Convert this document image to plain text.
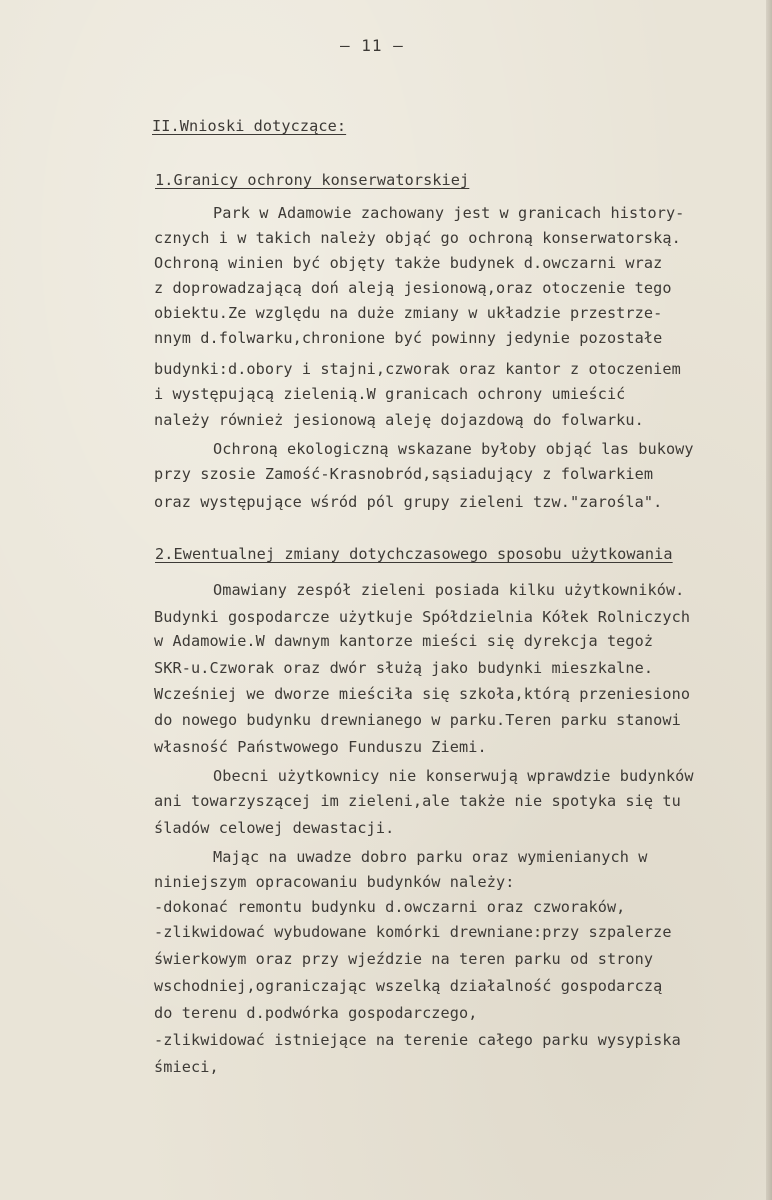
– 11 –
II.Wnioski dotyczące:
1.Granicy ochrony konserwatorskiej
Park w Adamowie zachowany jest w granicach history-
cznych i w takich należy objąć go ochroną konserwatorską.
Ochroną winien być objęty także budynek d.owczarni wraz
z doprowadzającą doń aleją jesionową,oraz otoczenie tego
obiektu.Ze względu na duże zmiany w układzie przestrze-
nnym d.folwarku,chronione być powinny jedynie pozostałe
budynki:d.obory i stajni,czworak oraz kantor z otoczeniem
i występującą zielenią.W granicach ochrony umieścić
należy również jesionową aleję dojazdową do folwarku.
Ochroną ekologiczną wskazane byłoby objąć las bukowy
przy szosie Zamość-Krasnobród,sąsiadujący z folwarkiem
oraz występujące wśród pól grupy zieleni tzw."zarośla".
2.Ewentualnej zmiany dotychczasowego sposobu użytkowania
Omawiany zespół zieleni posiada kilku użytkowników.
Budynki gospodarcze użytkuje Spółdzielnia Kółek Rolniczych
w Adamowie.W dawnym kantorze mieści się dyrekcja tegoż
SKR-u.Czworak oraz dwór służą jako budynki mieszkalne.
Wcześniej we dworze mieściła się szkoła,którą przeniesiono
do nowego budynku drewnianego w parku.Teren parku stanowi
własność Państwowego Funduszu Ziemi.
Obecni użytkownicy nie konserwują wprawdzie budynków
ani towarzyszącej im zieleni,ale także nie spotyka się tu
śladów celowej dewastacji.
Mając na uwadze dobro parku oraz wymienianych w
niniejszym opracowaniu budynków należy:
-dokonać remontu budynku d.owczarni oraz czworaków,
-zlikwidować wybudowane komórki drewniane:przy szpalerze
świerkowym oraz przy wjeździe na teren parku od strony
wschodniej,ograniczając wszelką działalność gospodarczą
do terenu d.podwórka gospodarczego,
-zlikwidować istniejące na terenie całego parku wysypiska
śmieci,
